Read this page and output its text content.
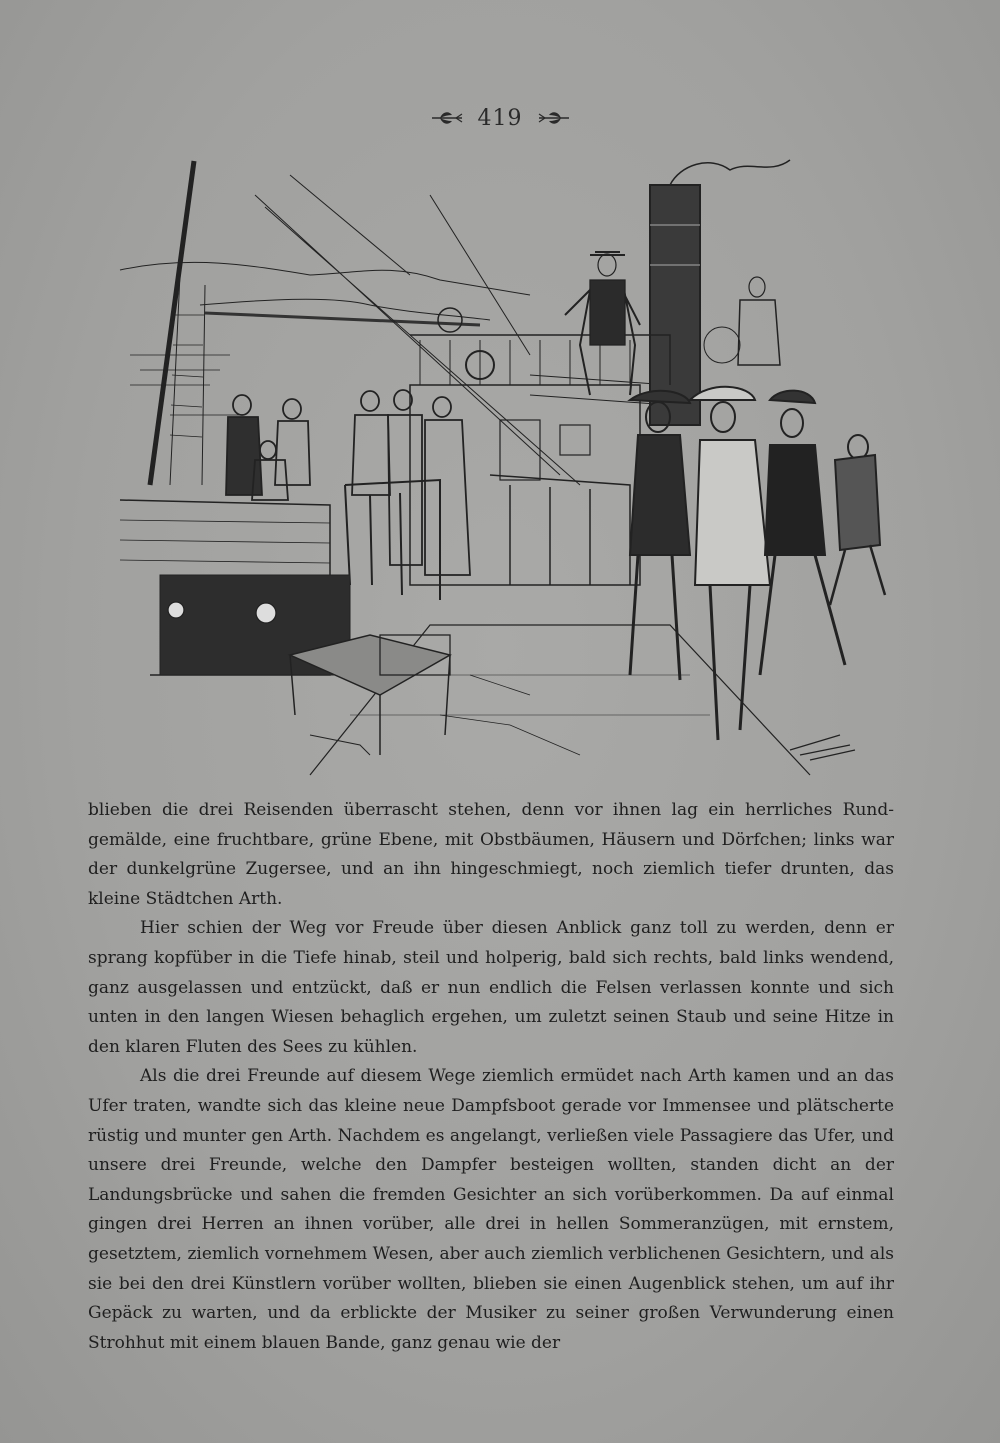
419

blieben die drei Reisenden überrascht stehen, denn vor ihnen lag ein herrliches Rundgemälde, eine fruchtbare, grüne Ebene, mit Obstbäumen, Häusern und Dörfchen; links war der dunkelgrüne Zugersee, und an ihn hingeschmiegt, noch ziemlich tiefer drunten, das kleine Städtchen Arth.

Hier schien der Weg vor Freude über diesen Anblick ganz toll zu werden, denn er sprang kopfüber in die Tiefe hinab, steil und holperig, bald sich rechts, bald links wendend, ganz ausgelassen und entzückt, daß er nun endlich die Felsen verlassen konnte und sich unten in den langen Wiesen behaglich ergehen, um zuletzt seinen Staub und seine Hitze in den klaren Fluten des Sees zu kühlen.

Als die drei Freunde auf diesem Wege ziemlich ermüdet nach Arth kamen und an das Ufer traten, wandte sich das kleine neue Dampfsboot gerade vor Immensee und plätscherte rüstig und munter gen Arth. Nachdem es angelangt, verließen viele Passagiere das Ufer, und unsere drei Freunde, welche den Dampfer besteigen wollten, standen dicht an der Landungsbrücke und sahen die fremden Gesichter an sich vorüberkommen. Da auf einmal gingen drei Herren an ihnen vorüber, alle drei in hellen Sommeranzügen, mit ernstem, gesetztem, ziemlich vornehmem Wesen, aber auch ziemlich verblichenen Gesichtern, und als sie bei den drei Künstlern vorüber wollten, blieben sie einen Augenblick stehen, um auf ihr Gepäck zu warten, und da erblickte der Musiker zu seiner großen Verwunderung einen Strohhut mit einem blauen Bande, ganz genau wie der
